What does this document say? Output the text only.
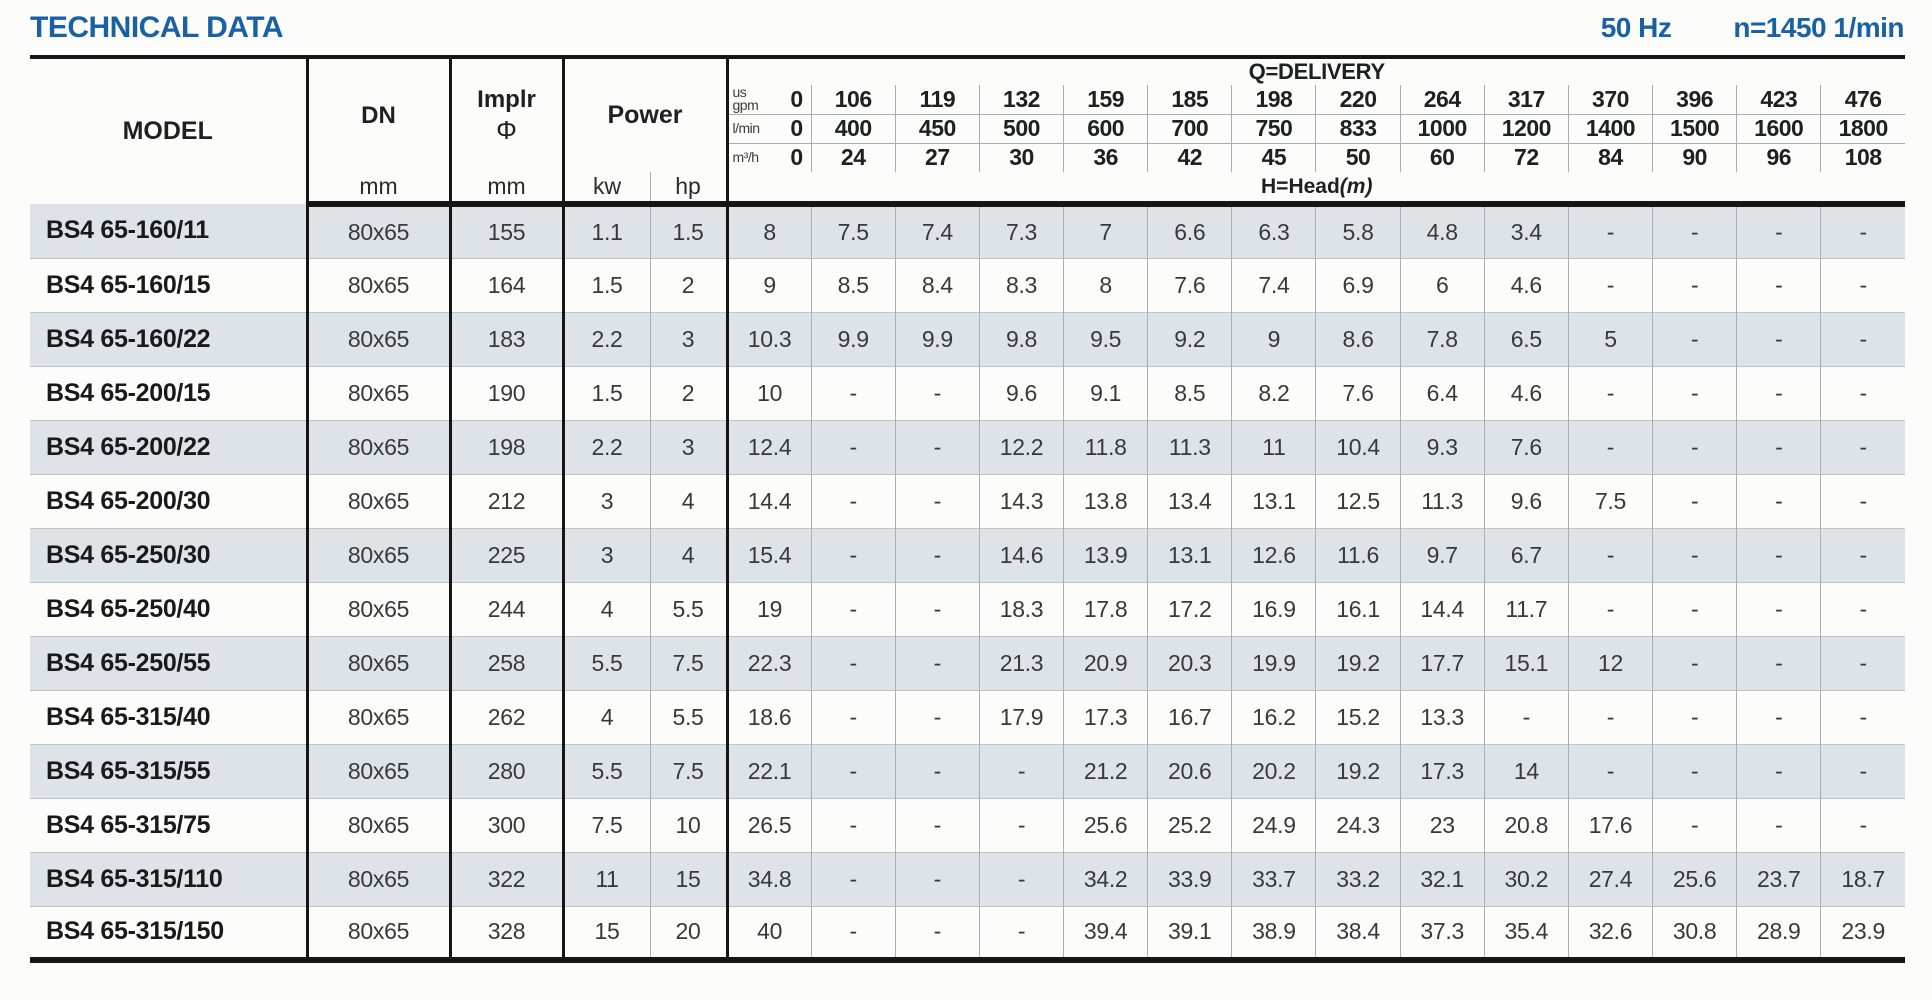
TECHNICAL DATA	50 Hz n=1450 1/min
MODEL	DN	Implr
Φ	Power		Q=DELIVERY													

					us
gpm 0	106	119	132	159	185	198	220	264	317	370	396	423	476

					l/min 0	400	450	500	600	700	750	833	1000	1200	1400	1500	1600	1800

					m³/h 0	24	27	30	36	42	45	50	60	72	84	90	96	108
	mm	mm	kw	hp	H=Head(m)													
BS4 65-160/11	80x65	155	1.1	1.5	8	7.5	7.4	7.3	7	6.6	6.3	5.8	4.8	3.4	-	-	-	-
BS4 65-160/15	80x65	164	1.5	2	9	8.5	8.4	8.3	8	7.6	7.4	6.9	6	4.6	-	-	-	-
BS4 65-160/22	80x65	183	2.2	3	10.3	9.9	9.9	9.8	9.5	9.2	9	8.6	7.8	6.5	5	-	-	-
BS4 65-200/15	80x65	190	1.5	2	10	-	-	9.6	9.1	8.5	8.2	7.6	6.4	4.6	-	-	-	-
BS4 65-200/22	80x65	198	2.2	3	12.4	-	-	12.2	11.8	11.3	11	10.4	9.3	7.6	-	-	-	-
BS4 65-200/30	80x65	212	3	4	14.4	-	-	14.3	13.8	13.4	13.1	12.5	11.3	9.6	7.5	-	-	-
BS4 65-250/30	80x65	225	3	4	15.4	-	-	14.6	13.9	13.1	12.6	11.6	9.7	6.7	-	-	-	-
BS4 65-250/40	80x65	244	4	5.5	19	-	-	18.3	17.8	17.2	16.9	16.1	14.4	11.7	-	-	-	-
BS4 65-250/55	80x65	258	5.5	7.5	22.3	-	-	21.3	20.9	20.3	19.9	19.2	17.7	15.1	12	-	-	-
BS4 65-315/40	80x65	262	4	5.5	18.6	-	-	17.9	17.3	16.7	16.2	15.2	13.3	-	-	-	-	-
BS4 65-315/55	80x65	280	5.5	7.5	22.1	-	-	-	21.2	20.6	20.2	19.2	17.3	14	-	-	-	-
BS4 65-315/75	80x65	300	7.5	10	26.5	-	-	-	25.6	25.2	24.9	24.3	23	20.8	17.6	-	-	-
BS4 65-315/110	80x65	322	11	15	34.8	-	-	-	34.2	33.9	33.7	33.2	32.1	30.2	27.4	25.6	23.7	18.7
BS4 65-315/150	80x65	328	15	20	40	-	-	-	39.4	39.1	38.9	38.4	37.3	35.4	32.6	30.8	28.9	23.9
